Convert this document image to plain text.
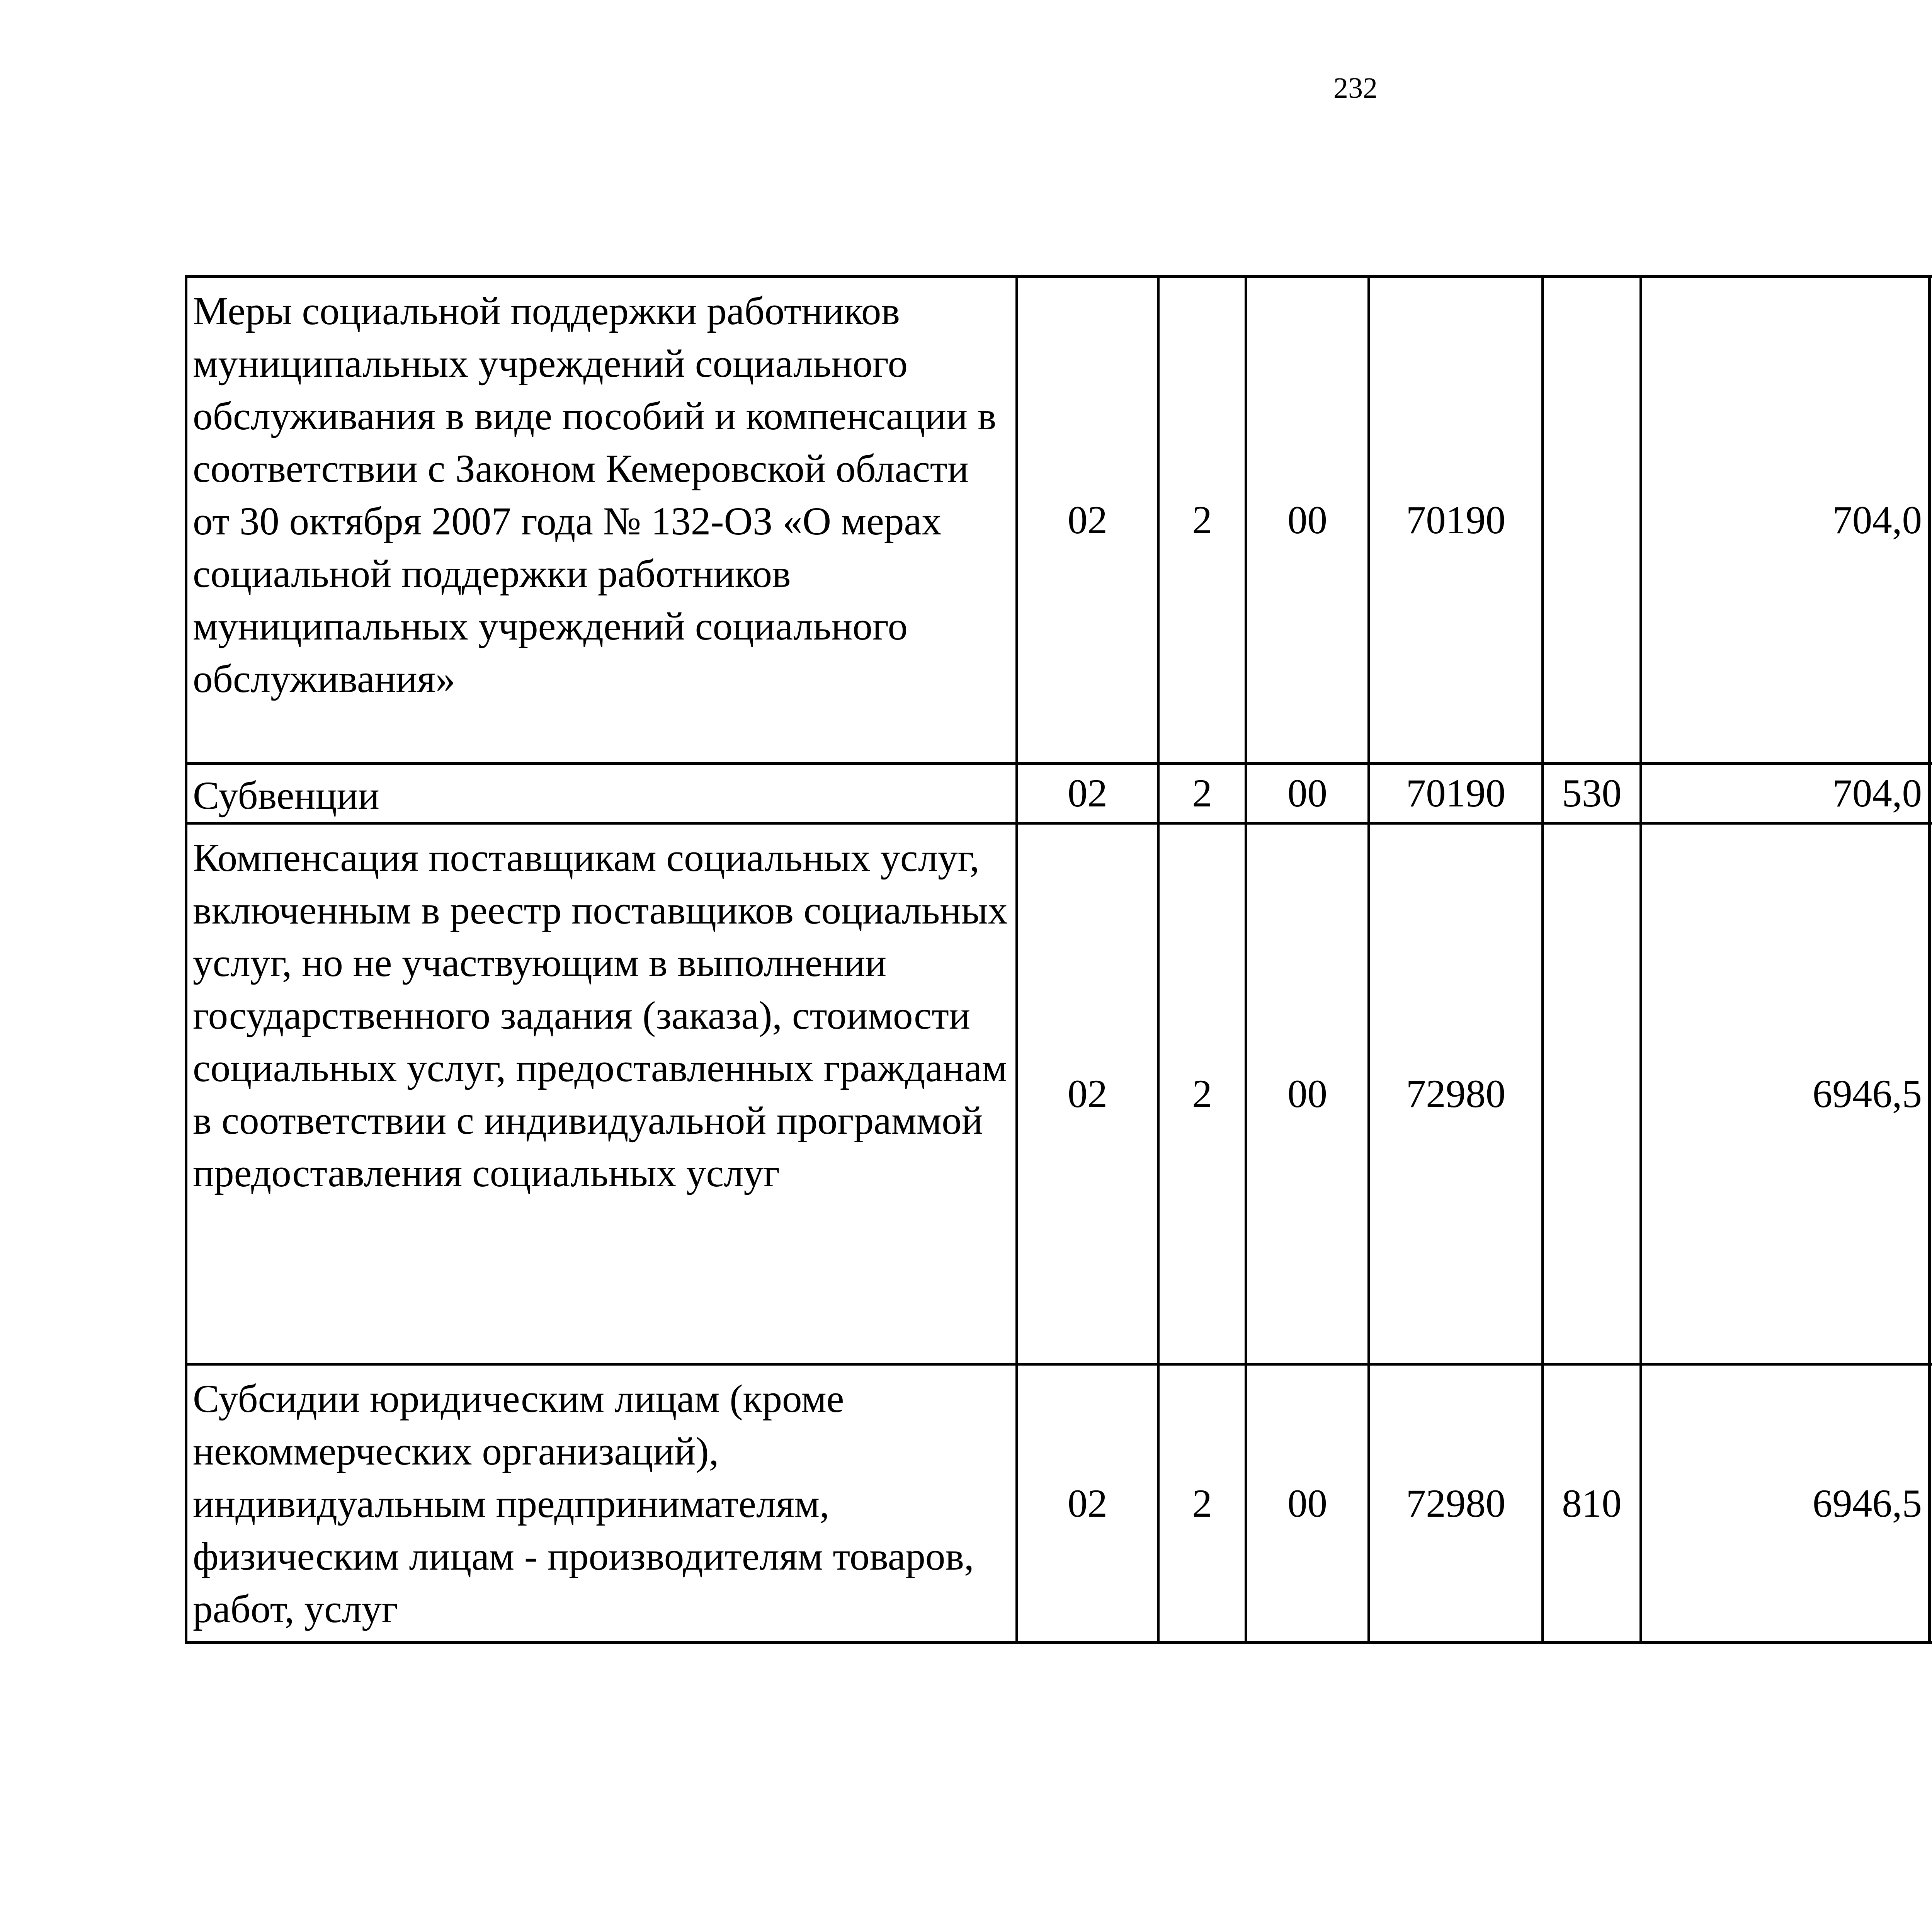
232
Меры социальной поддержки работников муниципальных учреждений социального обслуживания в виде пособий и компенсации в соответствии с Законом Кемеровской области от 30 октября 2007 года № 132-ОЗ «О мерах социальной поддержки работников муниципальных учреждений социального обслуживания»	02	2	00	70190		704,0		
Субвенции	02	2	00	70190	530	704,0		
Компенсация поставщикам социальных услуг, включенным в реестр поставщиков социальных услуг, но не участвующим в выполнении государственного задания (заказа), стоимости социальных услуг, предоставленных гражданам в соответствии с индивидуальной программой предоставления социальных услуг	02	2	00	72980		6946,5		
Субсидии юридическим лицам (кроме некоммерческих организаций), индивидуальным предпринимателям, физическим лицам - производителям товаров, работ, услуг	02	2	00	72980	810	6946,5		
